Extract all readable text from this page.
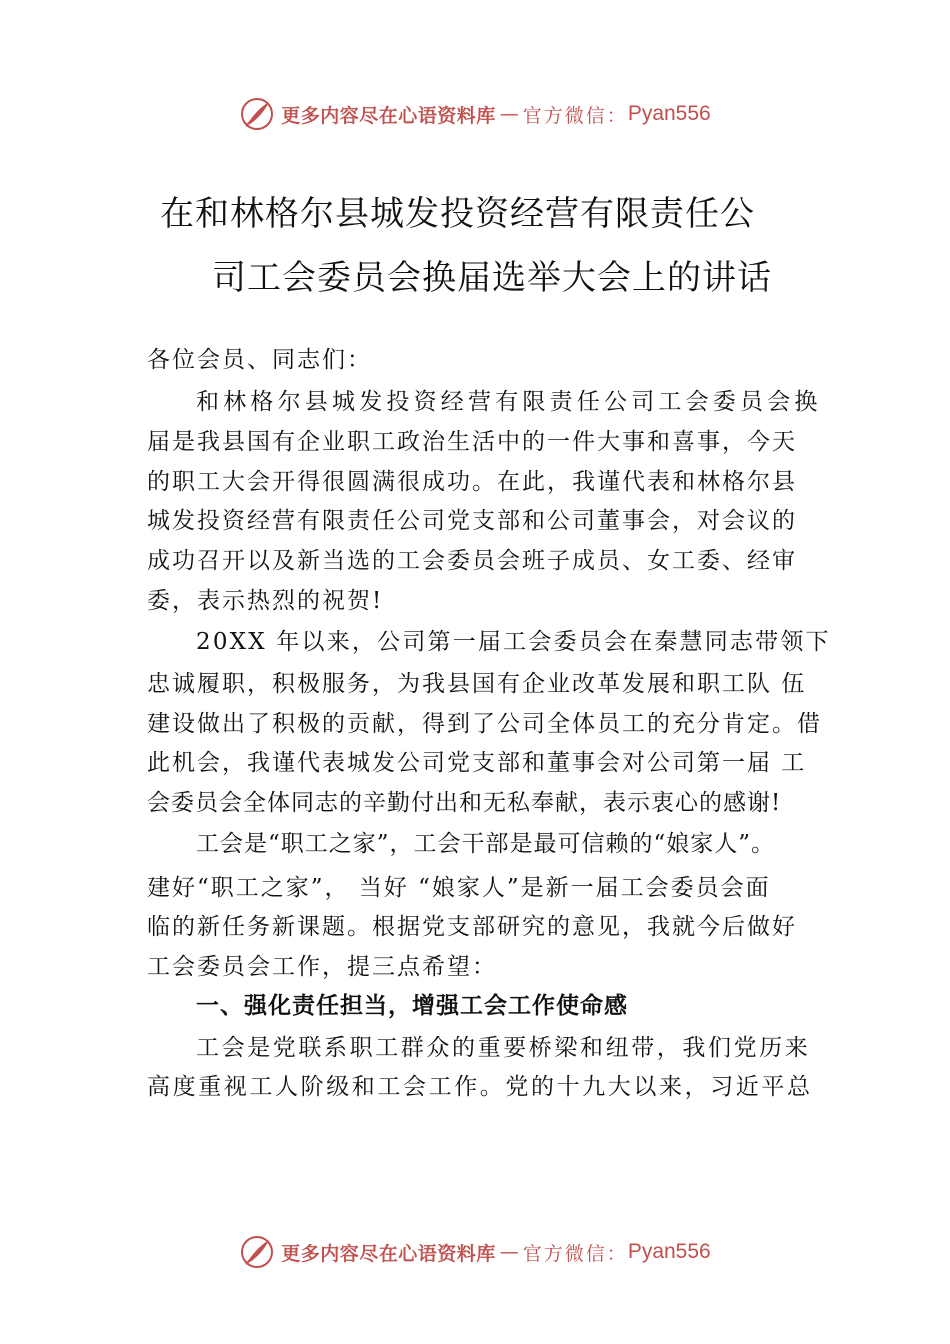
更多内容尽在心语资料库 — 官方微信： Pyan556
在和林格尔县城发投资经营有限责任公
司工会委员会换届选举大会上的讲话
各位会员、同志们：
和林格尔县城发投资经营有限责任公司工会委员会换
届是我县国有企业职工政治生活中的一件大事和喜事，今天
的职工大会开得很圆满很成功。在此，我谨代表和林格尔县
城发投资经营有限责任公司党支部和公司董事会，对会议的
成功召开以及新当选的工会委员会班子成员、女工委、经审
委，表示热烈的祝贺!
20XX 年以来，公司第一届工会委员会在秦慧同志带领下
忠诚履职，积极服务，为我县国有企业改革发展和职工队 伍
建设做出了积极的贡献，得到了公司全体员工的充分肯定。借
此机会，我谨代表城发公司党支部和董事会对公司第一届 工
会委员会全体同志的辛勤付出和无私奉献，表示衷心的感谢!
工会是“职工之家”，工会干部是最可信赖的“娘家人”。
建好“职工之家”， 当好 “娘家人”是新一届工会委员会面
临的新任务新课题。根据党支部研究的意见，我就今后做好
工会委员会工作，提三点希望：
一、强化责任担当，增强工会工作使命感
工会是党联系职工群众的重要桥梁和纽带，我们党历来
高度重视工人阶级和工会工作。党的十九大以来，习近平总
更多内容尽在心语资料库 — 官方微信： Pyan556
